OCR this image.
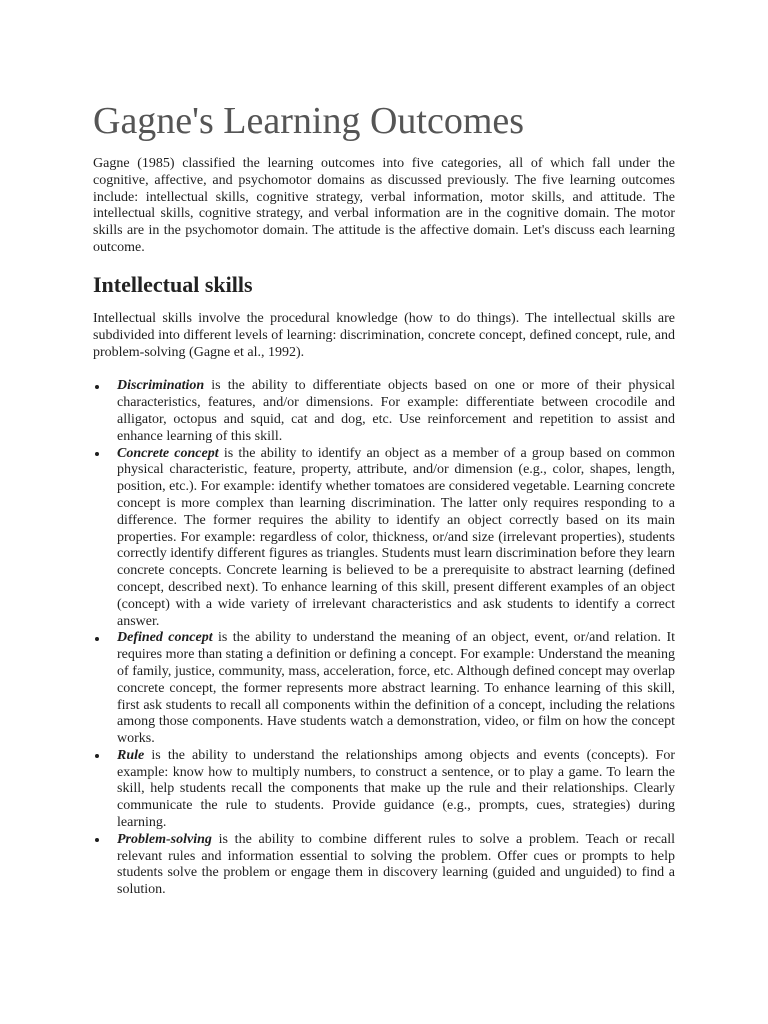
Gagne's Learning Outcomes

Gagne (1985) classified the learning outcomes into five categories, all of which fall under the cognitive, affective, and psychomotor domains as discussed previously. The five learning outcomes include: intellectual skills, cognitive strategy, verbal information, motor skills, and attitude. The intellectual skills, cognitive strategy, and verbal information are in the cognitive domain. The motor skills are in the psychomotor domain. The attitude is the affective domain. Let's discuss each learning outcome.

Intellectual skills

Intellectual skills involve the procedural knowledge (how to do things). The intellectual skills are subdivided into different levels of learning: discrimination, concrete concept, defined concept, rule, and problem-solving (Gagne et al., 1992).

Discrimination is the ability to differentiate objects based on one or more of their physical characteristics, features, and/or dimensions. For example: differentiate between crocodile and alligator, octopus and squid, cat and dog, etc. Use reinforcement and repetition to assist and enhance learning of this skill.
Concrete concept is the ability to identify an object as a member of a group based on common physical characteristic, feature, property, attribute, and/or dimension (e.g., color, shapes, length, position, etc.). For example: identify whether tomatoes are considered vegetable. Learning concrete concept is more complex than learning discrimination. The latter only requires responding to a difference. The former requires the ability to identify an object correctly based on its main properties. For example: regardless of color, thickness, or/and size (irrelevant properties), students correctly identify different figures as triangles. Students must learn discrimination before they learn concrete concepts. Concrete learning is believed to be a prerequisite to abstract learning (defined concept, described next). To enhance learning of this skill, present different examples of an object (concept) with a wide variety of irrelevant characteristics and ask students to identify a correct answer.
Defined concept is the ability to understand the meaning of an object, event, or/and relation. It requires more than stating a definition or defining a concept. For example: Understand the meaning of family, justice, community, mass, acceleration, force, etc. Although defined concept may overlap concrete concept, the former represents more abstract learning. To enhance learning of this skill, first ask students to recall all components within the definition of a concept, including the relations among those components. Have students watch a demonstration, video, or film on how the concept works.
Rule is the ability to understand the relationships among objects and events (concepts). For example: know how to multiply numbers, to construct a sentence, or to play a game. To learn the skill, help students recall the components that make up the rule and their relationships. Clearly communicate the rule to students. Provide guidance (e.g., prompts, cues, strategies) during learning.
Problem-solving is the ability to combine different rules to solve a problem. Teach or recall relevant rules and information essential to solving the problem. Offer cues or prompts to help students solve the problem or engage them in discovery learning (guided and unguided) to find a solution.
